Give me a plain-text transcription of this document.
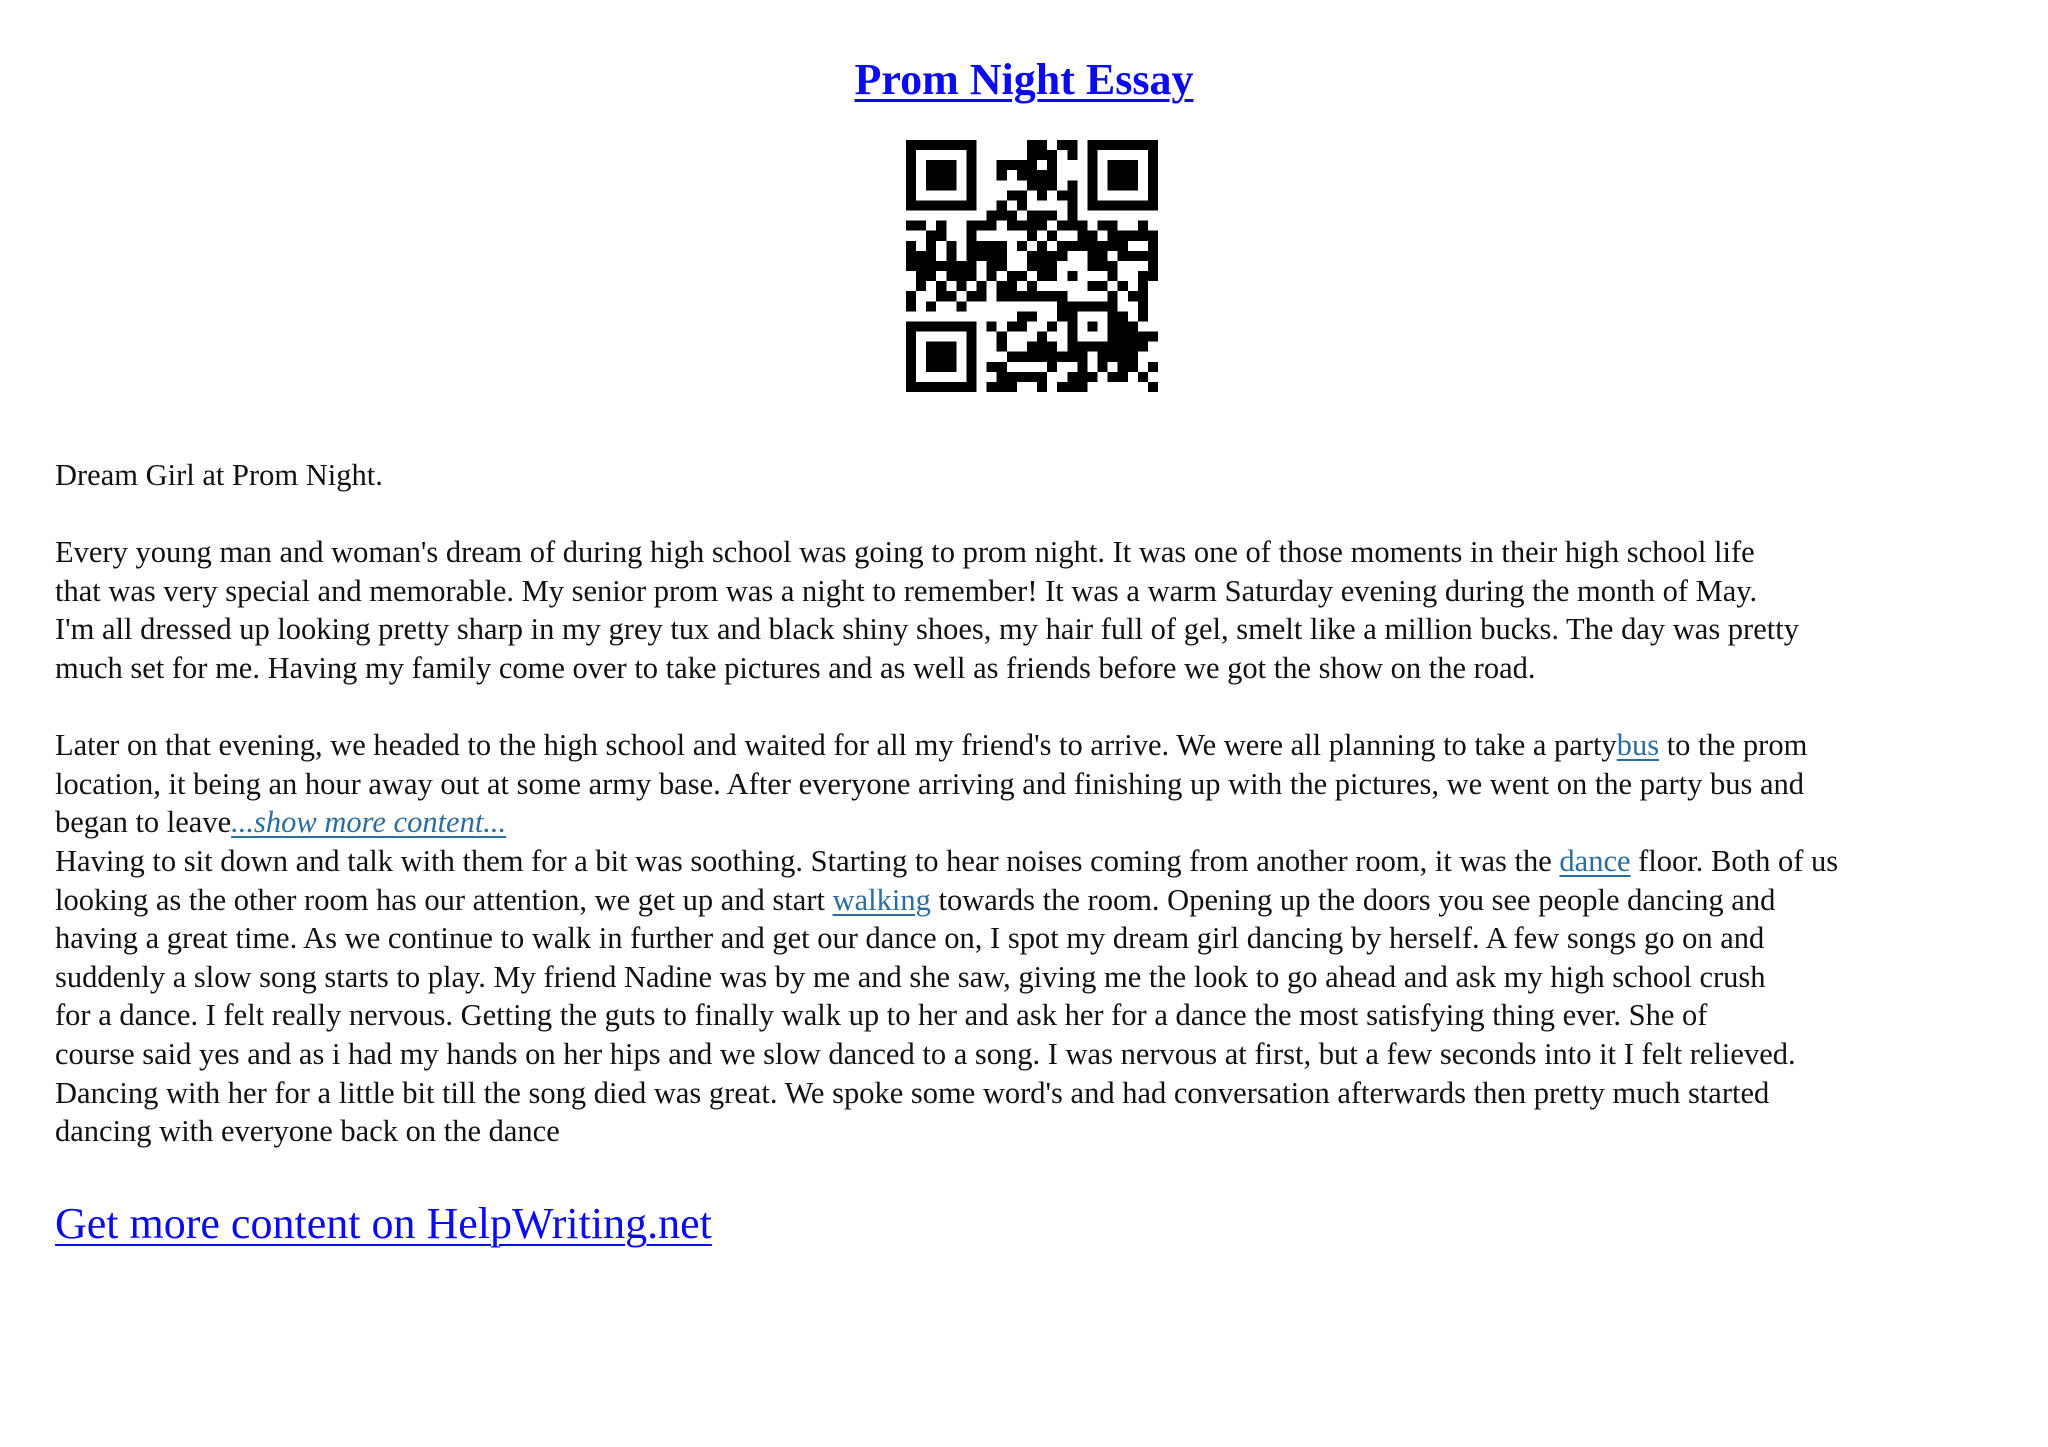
Prom Night Essay

Dream Girl at Prom Night.

Every young man and woman's dream of during high school was going to prom night. It was one of those moments in their high school life

that was very special and memorable. My senior prom was a night to remember! It was a warm Saturday evening during the month of May.

I'm all dressed up looking pretty sharp in my grey tux and black shiny shoes, my hair full of gel, smelt like a million bucks. The day was pretty

much set for me. Having my family come over to take pictures and as well as friends before we got the show on the road.

Later on that evening, we headed to the high school and waited for all my friend's to arrive. We were all planning to take a partybus to the prom

location, it being an hour away out at some army base. After everyone arriving and finishing up with the pictures, we went on the party bus and

began to leave...show more content...

Having to sit down and talk with them for a bit was soothing. Starting to hear noises coming from another room, it was the dance floor. Both of us

looking as the other room has our attention, we get up and start walking towards the room. Opening up the doors you see people dancing and

having a great time. As we continue to walk in further and get our dance on, I spot my dream girl dancing by herself. A few songs go on and

suddenly a slow song starts to play. My friend Nadine was by me and she saw, giving me the look to go ahead and ask my high school crush

for a dance. I felt really nervous. Getting the guts to finally walk up to her and ask her for a dance the most satisfying thing ever. She of

course said yes and as i had my hands on her hips and we slow danced to a song. I was nervous at first, but a few seconds into it I felt relieved.

Dancing with her for a little bit till the song died was great. We spoke some word's and had conversation afterwards then pretty much started

dancing with everyone back on the dance

Get more content on HelpWriting.net
